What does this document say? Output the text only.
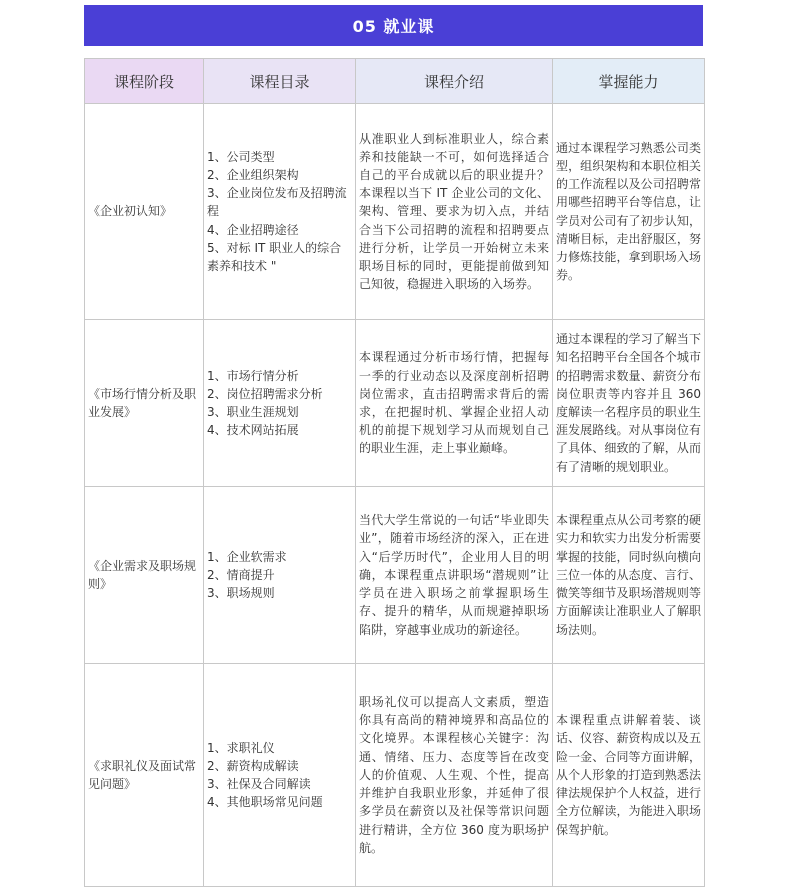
05 就业课
课程阶段	课程目录	课程介绍	掌握能力
《企业初认知》	1、公司类型
2、企业组织架构
3、企业岗位发布及招聘流程
4、企业招聘途径
5、对标 IT 职业人的综合素养和技术 "	从准职业人到标准职业人，综合素养和技能缺一不可，如何选择适合自己的平台成就以后的职业提升？本课程以当下 IT 企业公司的文化、架构、管理、要求为切入点，并结合当下公司招聘的流程和招聘要点进行分析，让学员一开始树立未来职场目标的同时，更能提前做到知己知彼，稳握进入职场的入场券。	通过本课程学习熟悉公司类型，组织架构和本职位相关的工作流程以及公司招聘常用哪些招聘平台等信息，让学员对公司有了初步认知，清晰目标，走出舒服区，努力修炼技能，拿到职场入场券。
《市场行情分析及职业发展》	1、市场行情分析
2、岗位招聘需求分析
3、职业生涯规划
4、技术网站拓展	本课程通过分析市场行情，把握每一季的行业动态以及深度剖析招聘岗位需求，直击招聘需求背后的需求，在把握时机、掌握企业招人动机的前提下规划学习从而规划自己的职业生涯，走上事业巅峰。	通过本课程的学习了解当下知名招聘平台全国各个城市的招聘需求数量、薪资分布岗位职责等内容并且 360 度解读一名程序员的职业生涯发展路线。对从事岗位有了具体、细致的了解，从而有了清晰的规划职业。
《企业需求及职场规则》	1、企业软需求
2、情商提升
3、职场规则	当代大学生常说的一句话“毕业即失业”，随着市场经济的深入，正在进入“后学历时代”，企业用人目的明确，本课程重点讲职场“潜规则”让学员在进入职场之前掌握职场生存、提升的精华，从而规避掉职场陷阱，穿越事业成功的新途径。	本课程重点从公司考察的硬实力和软实力出发分析需要掌握的技能，同时纵向横向三位一体的从态度、言行、微笑等细节及职场潜规则等方面解读让准职业人了解职场法则。
《求职礼仪及面试常见问题》	1、求职礼仪
2、薪资构成解读
3、社保及合同解读
4、其他职场常见问题	职场礼仪可以提高人文素质，塑造你具有高尚的精神境界和高品位的文化境界。本课程核心关键字：沟通、情绪、压力、态度等旨在改变人的价值观、人生观、个性，提高并维护自我职业形象，并延伸了很多学员在薪资以及社保等常识问题进行精讲，全方位 360 度为职场护航。	本课程重点讲解着装、谈话、仪容、薪资构成以及五险一金、合同等方面讲解，从个人形象的打造到熟悉法律法规保护个人权益，进行全方位解读，为能进入职场保驾护航。
